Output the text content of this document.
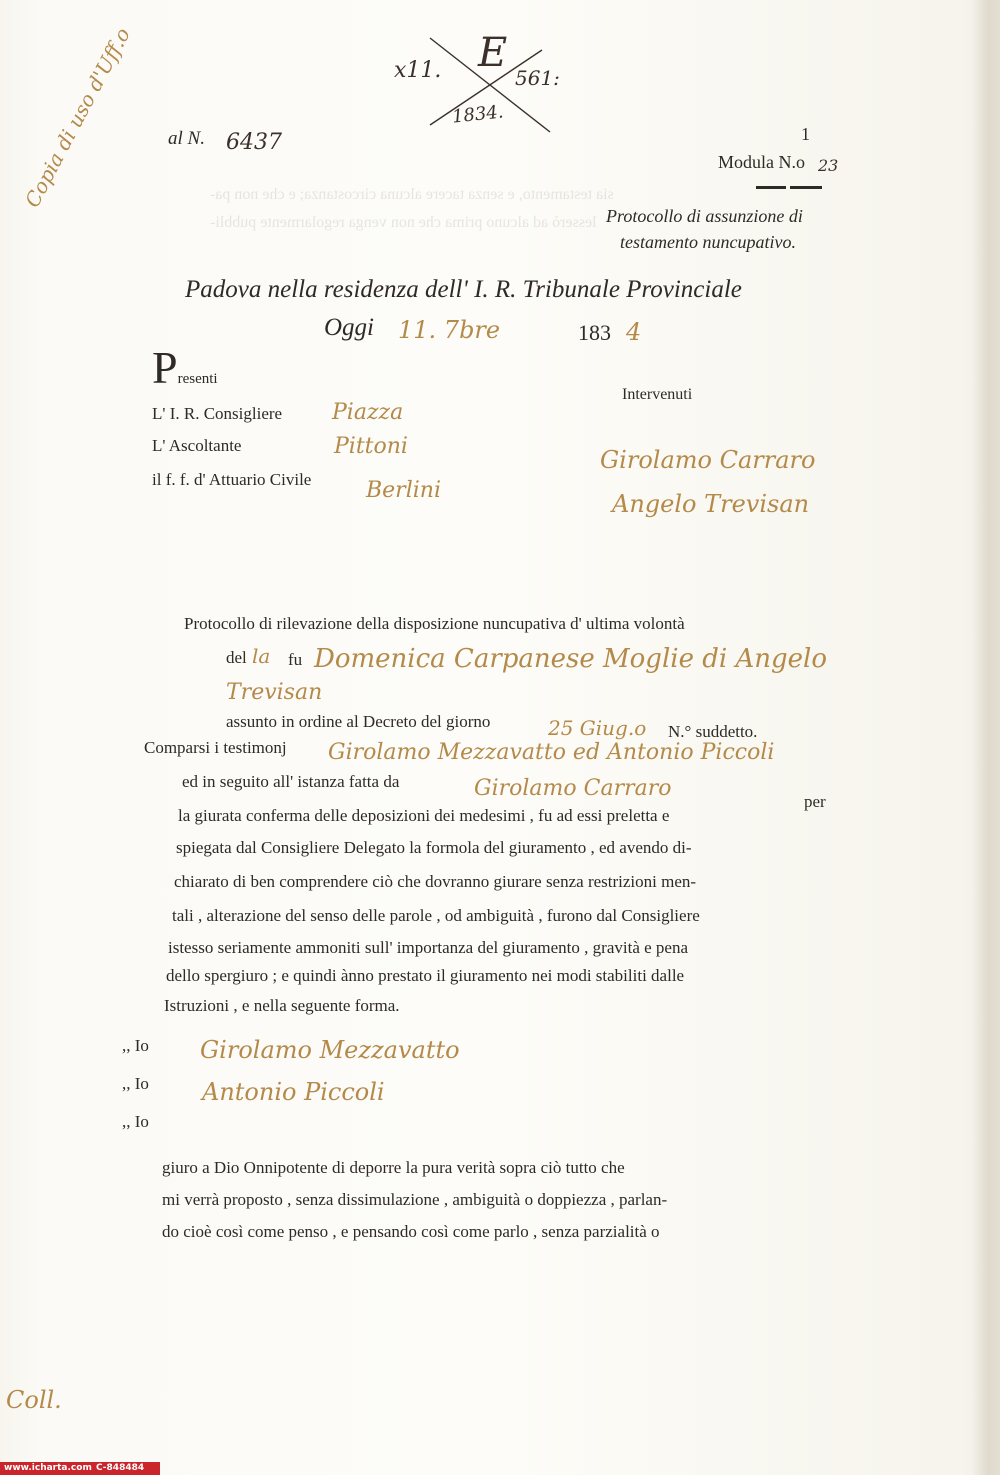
sia testamento, e senza tacere alcuna circostanza; e che non pa-
lesserò ad alcuno prima che non venga regolarmente pubbli-
x11. E
561:
1834.
Copia di uso d'Uff.o al N. 6437	1
Modula N.o 23
Protocollo di assunzione di
testamento nuncupativo.
Padova nella residenza dell' I. R. Tribunale Provinciale
Oggi 11. 7bre	183 4
Presenti
L' I. R. Consigliere Piazza
L' Ascoltante	Pittoni
il f. f. d' Attuario Civile Berlini
Intervenuti
Girolamo Carraro
Angelo Trevisan
Protocollo di rilevazione della disposizione nuncupativa d' ultima volontà
del la fu Domenica Carpanese Moglie di Angelo
Trevisan
assunto in ordine al Decreto del giorno	25 Giug.o N.° suddetto.
Comparsi i testimonj Girolamo Mezzavatto ed Antonio Piccoli
ed in seguito all' istanza fatta da	Girolamo Carraro
per
la giurata conferma delle deposizioni dei medesimi , fu ad essi preletta e
spiegata dal Consigliere Delegato la formola del giuramento , ed avendo di-
chiarato di ben comprendere ciò che dovranno giurare senza restrizioni men-
tali , alterazione del senso delle parole , od ambiguità , furono dal Consigliere
istesso seriamente ammoniti sull' importanza del giuramento , gravità e pena
dello spergiuro ; e quindi ànno prestato il giuramento nei modi stabiliti dalle
Istruzioni , e nella seguente forma.
,, Io Girolamo Mezzavatto
,, Io Antonio Piccoli
,, Io
giuro a Dio Onnipotente di deporre la pura verità sopra ciò tutto che
mi verrà proposto , senza dissimulazione , ambiguità o doppiezza , parlan-
do cioè così come penso , e pensando così come parlo , senza parzialità o
Coll.
www.icharta.com C-848484
